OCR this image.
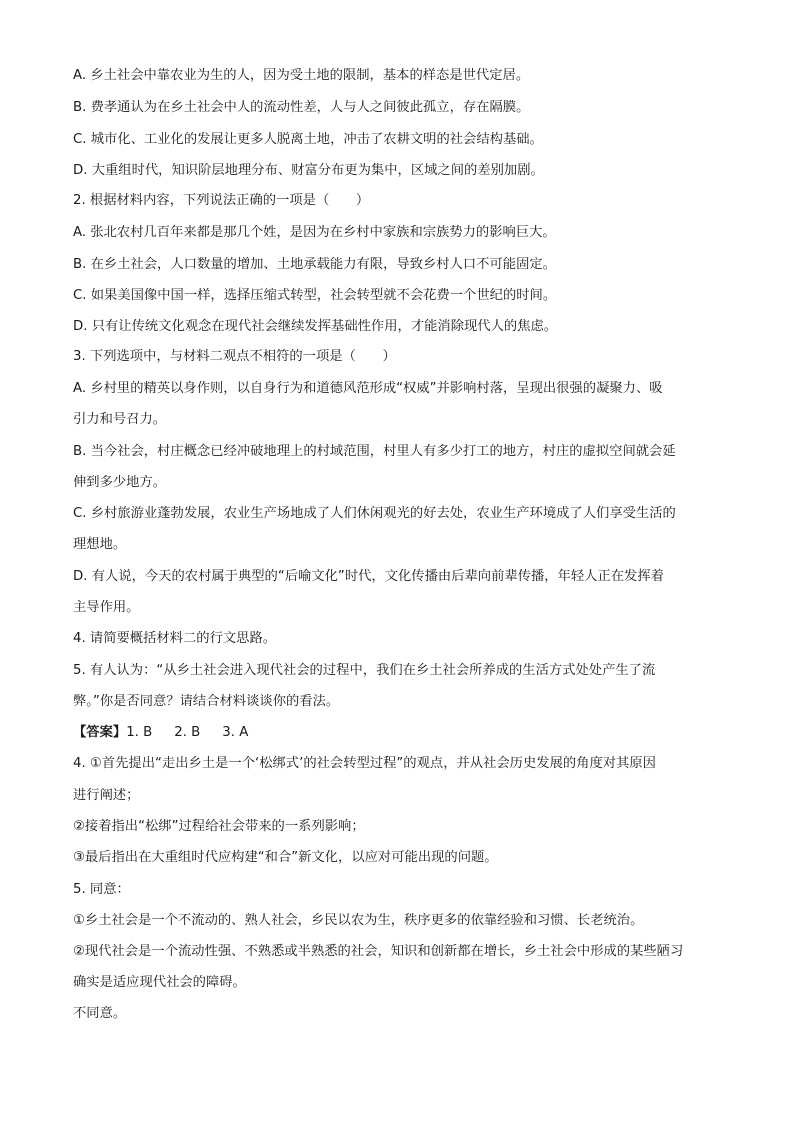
A. 乡土社会中靠农业为生的人，因为受土地的限制，基本的样态是世代定居。
B. 费孝通认为在乡土社会中人的流动性差，人与人之间彼此孤立，存在隔膜。
C. 城市化、工业化的发展让更多人脱离土地，冲击了农耕文明的社会结构基础。
D. 大重组时代，知识阶层地理分布、财富分布更为集中，区域之间的差别加剧。
2. 根据材料内容，下列说法正确的一项是（　　）
A. 张北农村几百年来都是那几个姓，是因为在乡村中家族和宗族势力的影响巨大。
B. 在乡土社会，人口数量的增加、土地承载能力有限，导致乡村人口不可能固定。
C. 如果美国像中国一样，选择压缩式转型，社会转型就不会花费一个世纪的时间。
D. 只有让传统文化观念在现代社会继续发挥基础性作用，才能消除现代人的焦虑。
3. 下列选项中，与材料二观点不相符的一项是（　　）
A. 乡村里的精英以身作则，以自身行为和道德风范形成“权威”并影响村落，呈现出很强的凝聚力、吸
引力和号召力。
B. 当今社会，村庄概念已经冲破地理上的村域范围，村里人有多少打工的地方，村庄的虚拟空间就会延
伸到多少地方。
C. 乡村旅游业蓬勃发展，农业生产场地成了人们休闲观光的好去处，农业生产环境成了人们享受生活的
理想地。
D. 有人说，今天的农村属于典型的“后喻文化”时代，文化传播由后辈向前辈传播，年轻人正在发挥着
主导作用。
4. 请简要概括材料二的行文思路。
5. 有人认为：“从乡土社会进入现代社会的过程中，我们在乡土社会所养成的生活方式处处产生了流
弊。”你是否同意？请结合材料谈谈你的看法。
【答案】1. B 2. B 3. A
4. ①首先提出“走出乡土是一个‘松绑式’的社会转型过程”的观点，并从社会历史发展的角度对其原因
进行阐述；
②接着指出“松绑”过程给社会带来的一系列影响；
③最后指出在大重组时代应构建“和合”新文化，以应对可能出现的问题。
5. 同意：
①乡土社会是一个不流动的、熟人社会，乡民以农为生，秩序更多的依靠经验和习惯、长老统治。
②现代社会是一个流动性强、不熟悉或半熟悉的社会，知识和创新都在增长，乡土社会中形成的某些陋习
确实是适应现代社会的障碍。
不同意。
